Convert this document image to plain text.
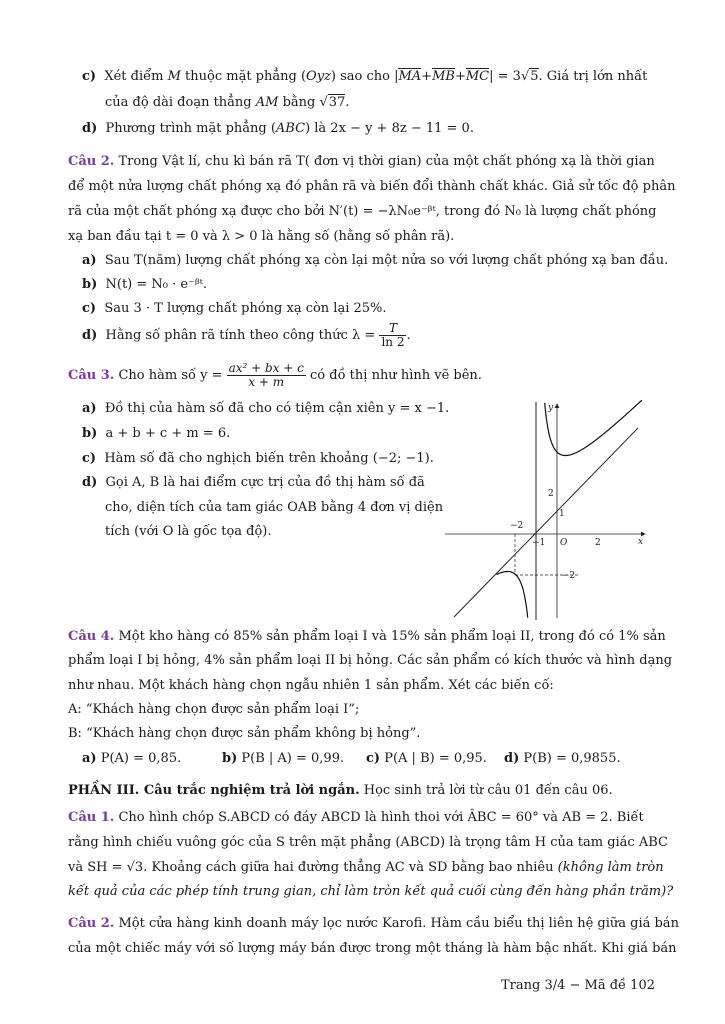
c) Xét điểm M thuộc mặt phẳng (Oyz) sao cho |MA+MB+MC| = 3√5. Giá trị lớn nhất
của độ dài đoạn thẳng AM bằng √37.
d) Phương trình mặt phẳng (ABC) là 2x − y + 8z − 11 = 0.
Câu 2. Trong Vật lí, chu kì bán rã T( đơn vị thời gian) của một chất phóng xạ là thời gian
để một nửa lượng chất phóng xạ đó phân rã và biến đổi thành chất khác. Giả sử tốc độ phân
rã của một chất phóng xạ được cho bởi N′(t) = −λN₀e⁻ᵝᵗ, trong đó N₀ là lượng chất phóng
xạ ban đầu tại t = 0 và λ > 0 là hằng số (hằng số phân rã).
a) Sau T(năm) lượng chất phóng xạ còn lại một nửa so với lượng chất phóng xạ ban đầu.
b) N(t) = N₀ · e⁻ᵝᵗ.
c) Sau 3 · T lượng chất phóng xạ còn lại 25%.
d) Hằng số phân rã tính theo công thức $\lambda = \frac{T}{\ln 2}$ .
Câu 3. Cho hàm số $y = \frac{\text{ax² + bx + c}}{x + m}$ có đồ thị như hình vẽ bên.
a) Đồ thị của hàm số đã cho có tiệm cận xiên y = x −1.
b) a + b + c + m = 6.
c) Hàm số đã cho nghịch biến trên khoảng (−2; −1).
d) Gọi A, B là hai điểm cực trị của đồ thị hàm số đã
cho, diện tích của tam giác OAB bằng 4 đơn vị diện
tích (với O là gốc tọa độ).
y
x
O
−2
−1	2
2
1
−2
Câu 4. Một kho hàng có 85% sản phẩm loại I và 15% sản phẩm loại II, trong đó có 1% sản
phẩm loại I bị hỏng, 4% sản phẩm loại II bị hỏng. Các sản phẩm có kích thước và hình dạng
như nhau. Một khách hàng chọn ngẫu nhiên 1 sản phẩm. Xét các biến cố:
A: “Khách hàng chọn được sản phẩm loại I”;
B: “Khách hàng chọn được sản phẩm không bị hỏng”.
a) P(A) = 0,85.	b) P(B | A) = 0,99. c) P(A | B) = 0,95. d) P(B) = 0,9855.
PHẦN III. Câu trắc nghiệm trả lời ngắn. Học sinh trả lời từ câu 01 đến câu 06.
Câu 1. Cho hình chóp S.ABCD có đáy ABCD là hình thoi với ÂBC = 60° và AB = 2. Biết
rằng hình chiếu vuông góc của S trên mặt phẳng (ABCD) là trọng tâm H của tam giác ABC
và SH = √3. Khoảng cách giữa hai đường thẳng AC và SD bằng bao nhiêu (không làm tròn
kết quả của các phép tính trung gian, chỉ làm tròn kết quả cuối cùng đến hàng phần trăm)?
Câu 2. Một cửa hàng kinh doanh máy lọc nước Karofi. Hàm cầu biểu thị liên hệ giữa giá bán
của một chiếc máy với số lượng máy bán được trong một tháng là hàm bậc nhất. Khi giá bán
Trang 3/4 − Mã đề 102
